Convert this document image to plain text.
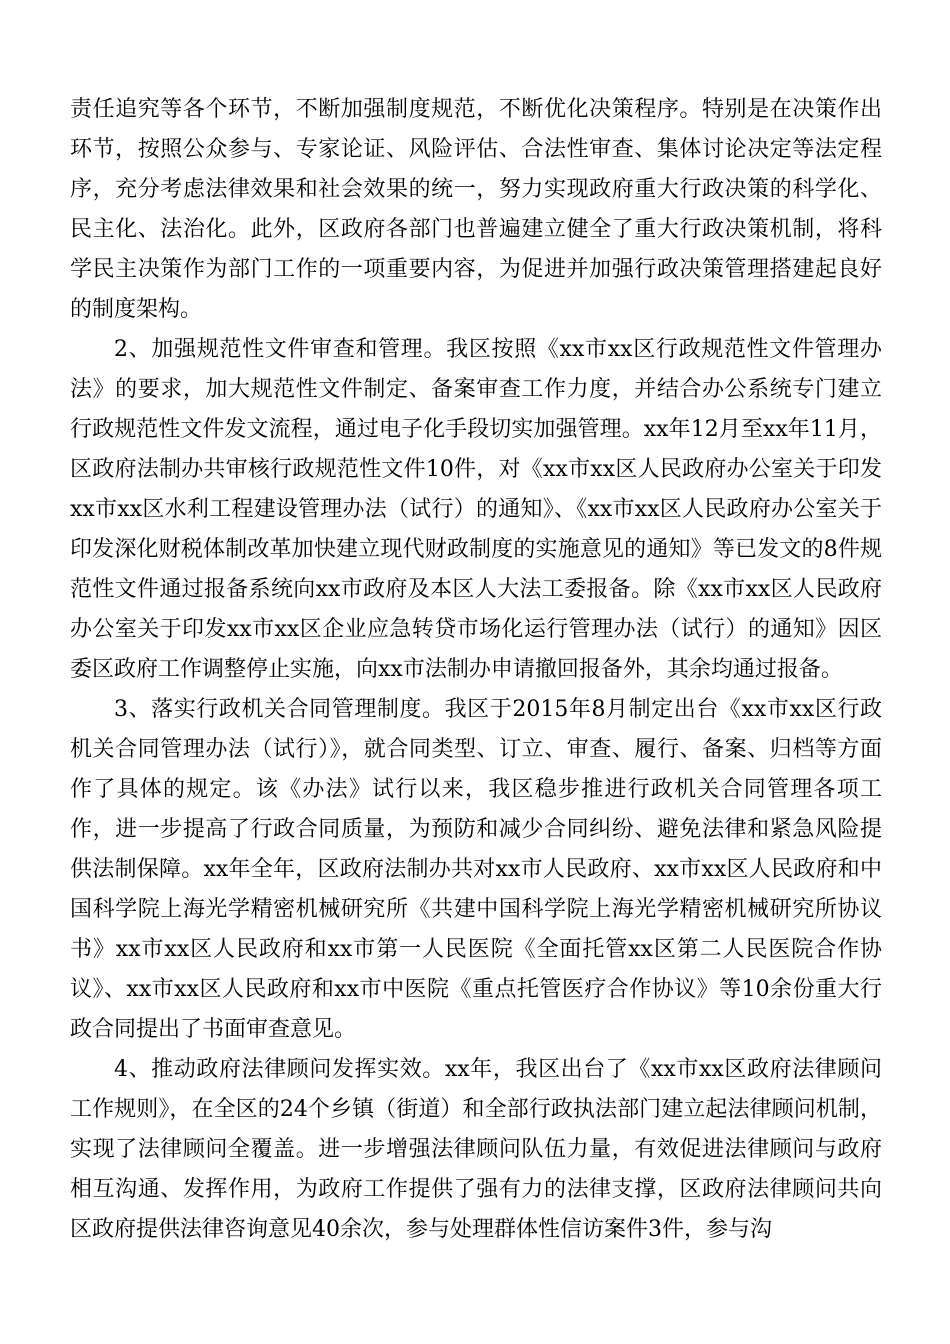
责任追究等各个环节，不断加强制度规范，不断优化决策程序。特别是在决策作出环节，按照公众参与、专家论证、风险评估、合法性审查、集体讨论决定等法定程序，充分考虑法律效果和社会效果的统一，努力实现政府重大行政决策的科学化、民主化、法治化。此外，区政府各部门也普遍建立健全了重大行政决策机制，将科学民主决策作为部门工作的一项重要内容，为促进并加强行政决策管理搭建起良好的制度架构。

2、加强规范性文件审查和管理。我区按照《xx市xx区行政规范性文件管理办法》的要求，加大规范性文件制定、备案审查工作力度，并结合办公系统专门建立行政规范性文件发文流程，通过电子化手段切实加强管理。xx年12月至xx年11月，区政府法制办共审核行政规范性文件10件，对《xx市xx区人民政府办公室关于印发xx市xx区水利工程建设管理办法（试行）的通知》、《xx市xx区人民政府办公室关于印发深化财税体制改革加快建立现代财政制度的实施意见的通知》等已发文的8件规范性文件通过报备系统向xx市政府及本区人大法工委报备。除《xx市xx区人民政府办公室关于印发xx市xx区企业应急转贷市场化运行管理办法（试行）的通知》因区委区政府工作调整停止实施，向xx市法制办申请撤回报备外，其余均通过报备。

3、落实行政机关合同管理制度。我区于2015年8月制定出台《xx市xx区行政机关合同管理办法（试行）》，就合同类型、订立、审查、履行、备案、归档等方面作了具体的规定。该《办法》试行以来，我区稳步推进行政机关合同管理各项工作，进一步提高了行政合同质量，为预防和减少合同纠纷、避免法律和紧急风险提供法制保障。xx年全年，区政府法制办共对xx市人民政府、xx市xx区人民政府和中国科学院上海光学精密机械研究所《共建中国科学院上海光学精密机械研究所协议书》xx市xx区人民政府和xx市第一人民医院《全面托管xx区第二人民医院合作协议》、xx市xx区人民政府和xx市中医院《重点托管医疗合作协议》等10余份重大行政合同提出了书面审查意见。

4、推动政府法律顾问发挥实效。xx年，我区出台了《xx市xx区政府法律顾问工作规则》，在全区的24个乡镇（街道）和全部行政执法部门建立起法律顾问机制，实现了法律顾问全覆盖。进一步增强法律顾问队伍力量，有效促进法律顾问与政府相互沟通、发挥作用，为政府工作提供了强有力的法律支撑，区政府法律顾问共向区政府提供法律咨询意见40余次，参与处理群体性信访案件3件，参与沟
